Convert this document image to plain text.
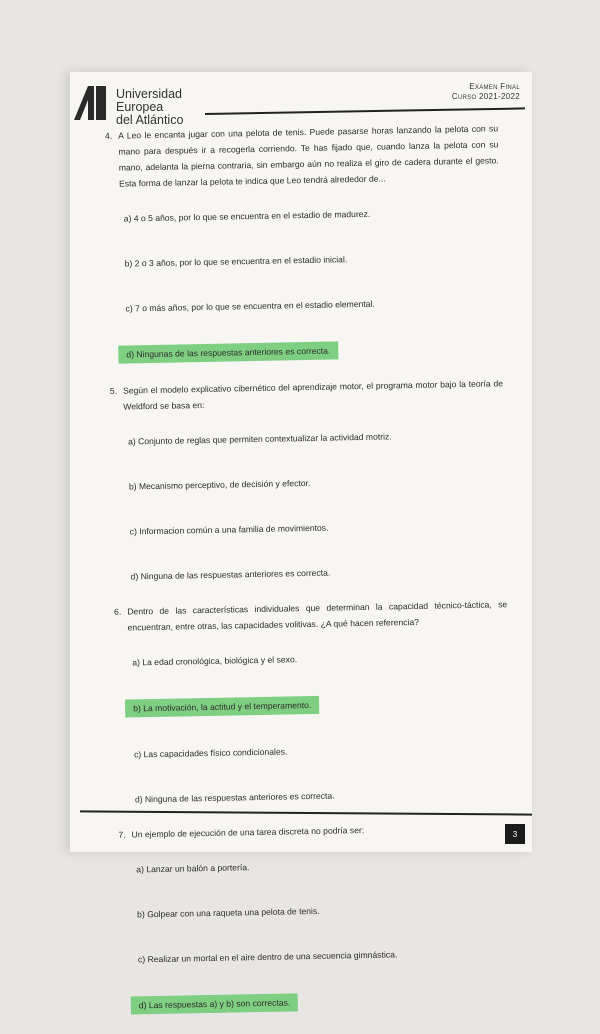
Universidad
Europea
del Atlántico
Examen Final
Curso 2021-2022
4. A Leo le encanta jugar con una pelota de tenis. Puede pasarse horas lanzando la pelota con su mano para después ir a recogerla corriendo. Te has fijado que, cuando lanza la pelota con su mano, adelanta la pierna contraria, sin embargo aún no realiza el giro de cadera durante el gesto. Esta forma de lanzar la pelota te indica que Leo tendrá alrededor de...
a) 4 o 5 años, por lo que se encuentra en el estadio de madurez.
b) 2 o 3 años, por lo que se encuentra en el estadio inicial.
c) 7 o más años, por lo que se encuentra en el estadio elemental.
d) Ningunas de las respuestas anteriores es correcta.
5. Según el modelo explicativo cibernético del aprendizaje motor, el programa motor bajo la teoría de Weldford se basa en:
a) Conjunto de reglas que permiten contextualizar la actividad motriz.
b) Mecanismo perceptivo, de decisión y efector.
c) Informacion común a una familia de movimientos.
d) Ninguna de las respuestas anteriores es correcta.
6. Dentro de las características individuales que determinan la capacidad técnico-táctica, se encuentran, entre otras, las capacidades volitivas. ¿A qué hacen referencia?
a) La edad cronológica, biológica y el sexo.
b) La motivación, la actitud y el temperamento.
c) Las capacidades físico condicionales.
d) Ninguna de las respuestas anteriores es correcta.
7. Un ejemplo de ejecución de una tarea discreta no podría ser:
a) Lanzar un balón a portería.
b) Golpear con una raqueta una pelota de tenis.
c) Realizar un mortal en el aire dentro de una secuencia gimnástica.
d) Las respuestas a) y b) son correctas.
3
